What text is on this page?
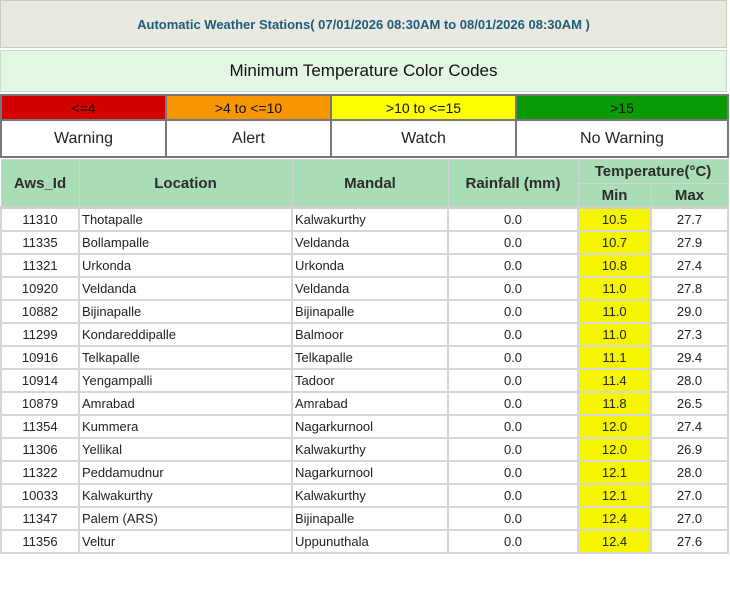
Automatic Weather Stations( 07/01/2026 08:30AM to 08/01/2026 08:30AM )
Minimum Temperature Color Codes
<=4	>4 to <=10	>10 to <=15	>15
Warning	Alert	Watch	No Warning
Aws_Id	Location	Mandal	Rainfall (mm)	Temperature(°C)	
				Min	Max
11310	Thotapalle	Kalwakurthy	0.0	10.5	27.7
11335	Bollampalle	Veldanda	0.0	10.7	27.9
11321	Urkonda	Urkonda	0.0	10.8	27.4
10920	Veldanda	Veldanda	0.0	11.0	27.8
10882	Bijinapalle	Bijinapalle	0.0	11.0	29.0
11299	Kondareddipalle	Balmoor	0.0	11.0	27.3
10916	Telkapalle	Telkapalle	0.0	11.1	29.4
10914	Yengampalli	Tadoor	0.0	11.4	28.0
10879	Amrabad	Amrabad	0.0	11.8	26.5
11354	Kummera	Nagarkurnool	0.0	12.0	27.4
11306	Yellikal	Kalwakurthy	0.0	12.0	26.9
11322	Peddamudnur	Nagarkurnool	0.0	12.1	28.0
10033	Kalwakurthy	Kalwakurthy	0.0	12.1	27.0
11347	Palem (ARS)	Bijinapalle	0.0	12.4	27.0
11356	Veltur	Uppunuthala	0.0	12.4	27.6
